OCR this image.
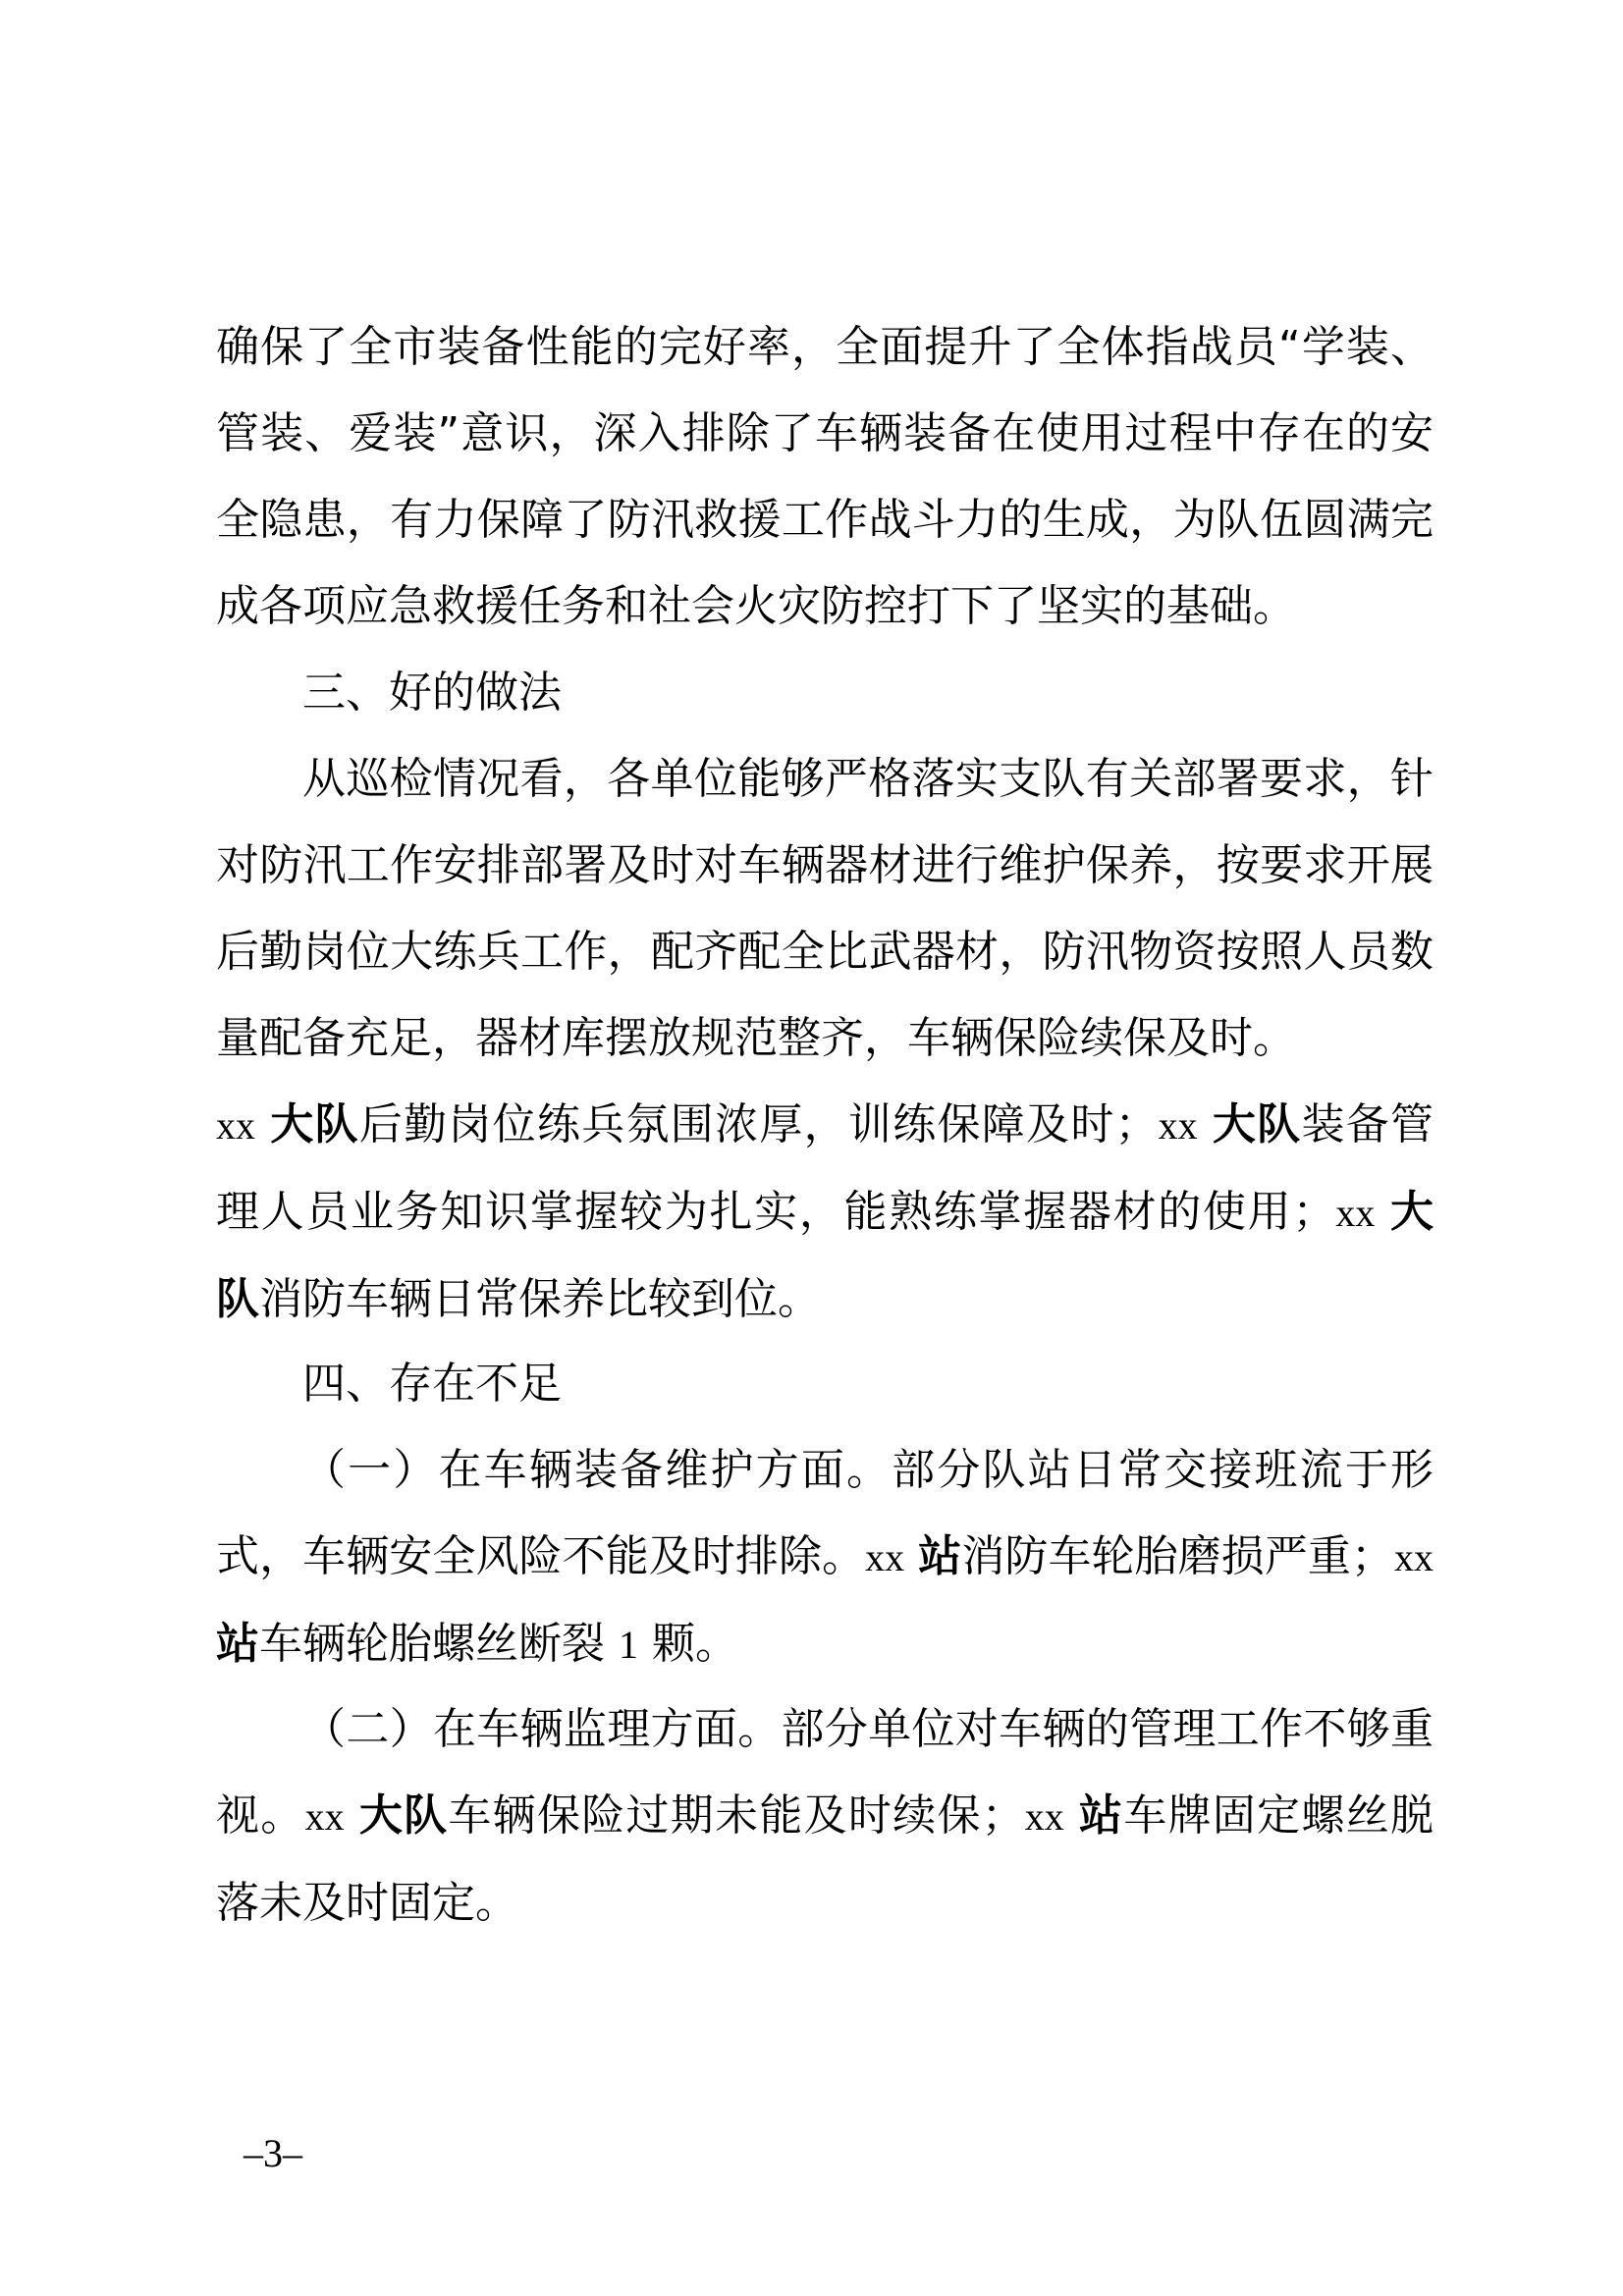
确保了全市装备性能的完好率，全面提升了全体指战员“学装、管装、爱装”意识，深入排除了车辆装备在使用过程中存在的安全隐患，有力保障了防汛救援工作战斗力的生成，为队伍圆满完成各项应急救援任务和社会火灾防控打下了坚实的基础。

三、好的做法

从巡检情况看，各单位能够严格落实支队有关部署要求，针对防汛工作安排部署及时对车辆器材进行维护保养，按要求开展后勤岗位大练兵工作，配齐配全比武器材，防汛物资按照人员数量配备充足，器材库摆放规范整齐，车辆保险续保及时。

xx 大队后勤岗位练兵氛围浓厚，训练保障及时；xx 大队装备管理人员业务知识掌握较为扎实，能熟练掌握器材的使用；xx 大队消防车辆日常保养比较到位。

四、存在不足

（一）在车辆装备维护方面。部分队站日常交接班流于形式，车辆安全风险不能及时排除。xx 站消防车轮胎磨损严重；xx 站车辆轮胎螺丝断裂 1 颗。

（二）在车辆监理方面。部分单位对车辆的管理工作不够重视。xx 大队车辆保险过期未能及时续保；xx 站车牌固定螺丝脱落未及时固定。

–3–
